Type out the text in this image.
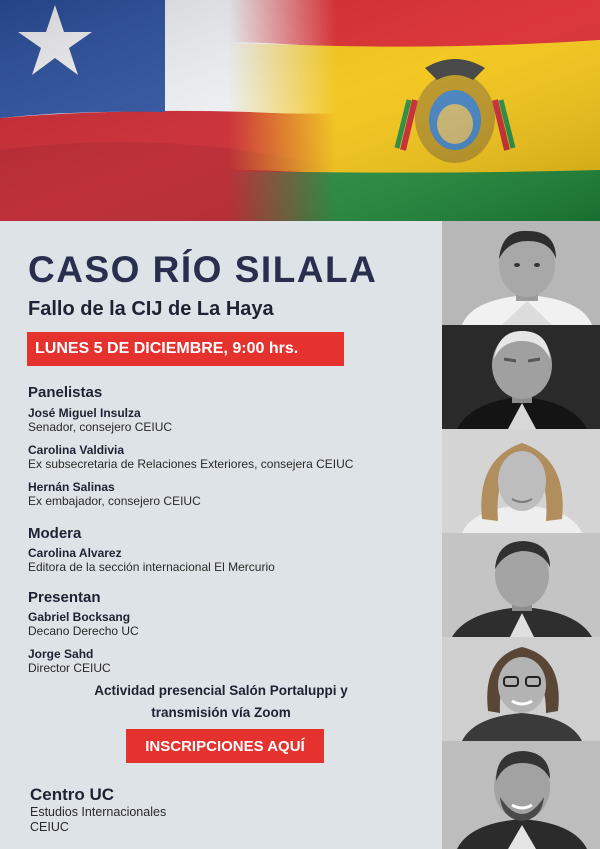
CASO RÍO SILALA
Fallo de la CIJ de La Haya
LUNES 5 DE DICIEMBRE, 9:00 hrs.
Panelistas
José Miguel Insulza
Senador, consejero CEIUC
Carolina Valdivia
Ex subsecretaria de Relaciones Exteriores, consejera CEIUC
Hernán Salinas
Ex embajador, consejero CEIUC
Modera
Carolina Alvarez
Editora de la sección internacional El Mercurio
Presentan
Gabriel Bocksang
Decano Derecho UC
Jorge Sahd
Director CEIUC
Actividad presencial Salón Portaluppi y
transmisión vía Zoom
INSCRIPCIONES AQUÍ
Centro UC
Estudios Internacionales
CEIUC
